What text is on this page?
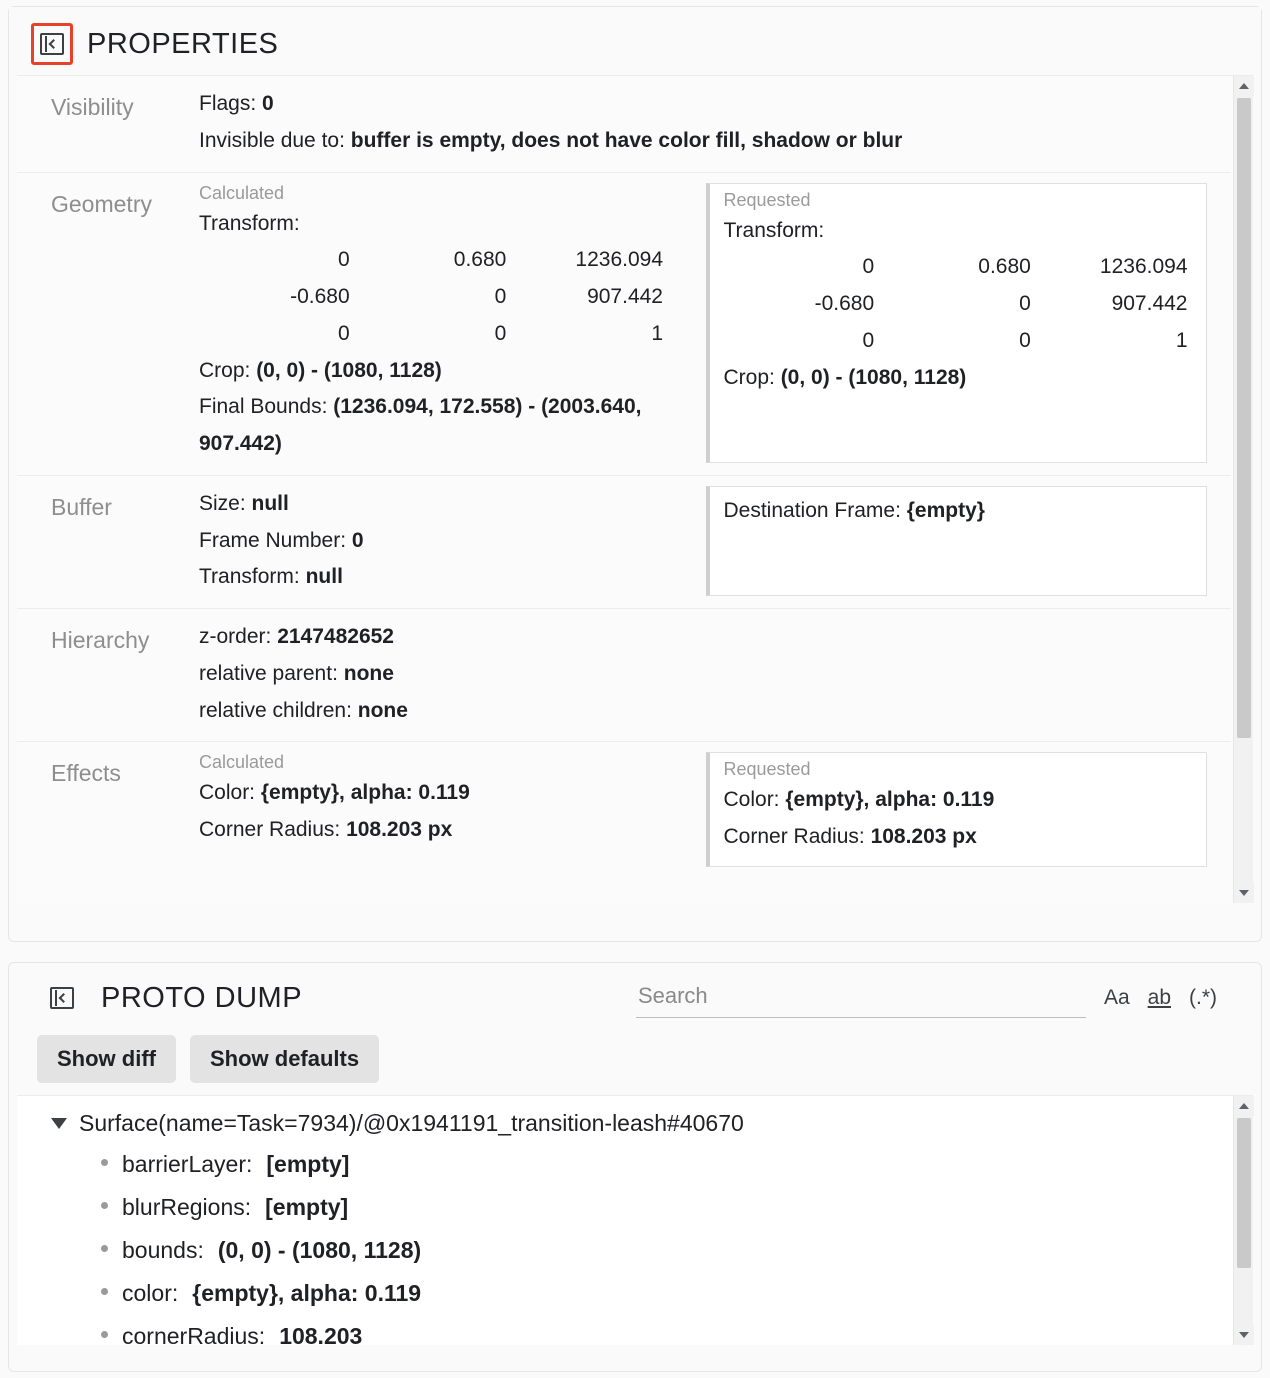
PROPERTIES
Visibility	Flags: 0
Invisible due to: buffer is empty, does not have color fill, shadow or blur
Geometry	Calculated
Transform:
0	0.680	1236.094
-0.680	0	907.442
0	0	1
Crop: (0, 0) - (1080, 1128)
Final Bounds: (1236.094, 172.558) - (2003.640, 907.442)
Requested
Transform:
0	0.680	1236.094
-0.680	0	907.442
0	0	1
Crop: (0, 0) - (1080, 1128)
Buffer	Size: null
Frame Number: 0
Transform: null
Destination Frame: {empty}
Hierarchy	z-order: 2147482652
relative parent: none
relative children: none
Effects	Calculated
Color: {empty}, alpha: 0.119
Corner Radius: 108.203 px
Requested
Color: {empty}, alpha: 0.119
Corner Radius: 108.203 px
PROTO DUMP
Search	Aa ab (.*)
Show diff	Show defaults
Surface(name=Task=7934)/@0x1941191_transition-leash#40670
barrierLayer: [empty]
blurRegions: [empty]
bounds: (0, 0) - (1080, 1128)
color: {empty}, alpha: 0.119
cornerRadius: 108.203
